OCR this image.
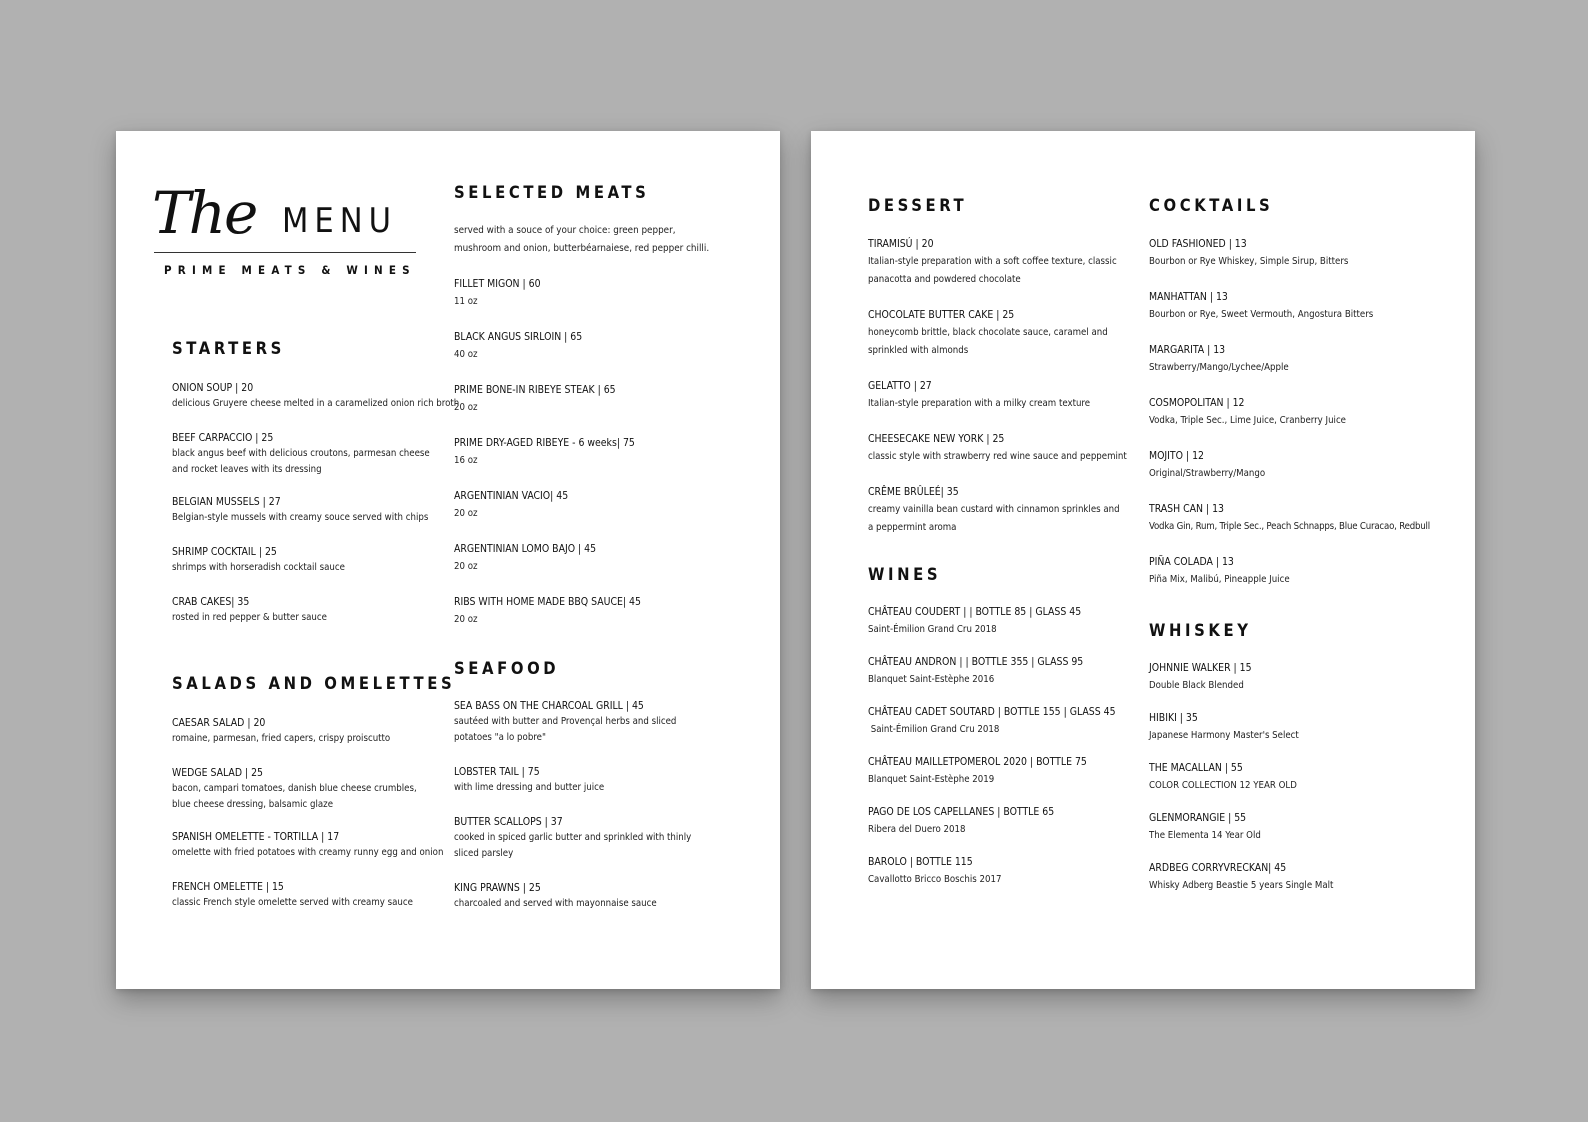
The MENU
PRIME MEATS & WINES
STARTERS
ONION SOUP | 20
delicious Gruyere cheese melted in a caramelized onion rich broth
BEEF CARPACCIO | 25
black angus beef with delicious croutons, parmesan cheese and rocket leaves with its dressing
BELGIAN MUSSELS | 27
Belgian-style mussels with creamy souce served with chips
SHRIMP COCKTAIL | 25
shrimps with horseradish cocktail sauce
CRAB CAKES| 35
rosted in red pepper & butter sauce
SALADS AND OMELETTES
CAESAR SALAD | 20
romaine, parmesan, fried capers, crispy proiscutto
WEDGE SALAD | 25
bacon, campari tomatoes, danish blue cheese crumbles, blue cheese dressing, balsamic glaze
SPANISH OMELETTE - TORTILLA | 17
omelette with fried potatoes with creamy runny egg and onion
FRENCH OMELETTE | 15
classic French style omelette served with creamy sauce
SELECTED MEATS
served with a souce of your choice: green pepper, mushroom and onion, butterbéarnaiese, red pepper chilli.
FILLET MIGON | 60
11 oz
BLACK ANGUS SIRLOIN | 65
40 oz
PRIME BONE-IN RIBEYE STEAK | 65
20 oz
PRIME DRY-AGED RIBEYE - 6 weeks| 75
16 oz
ARGENTINIAN VACIO| 45
20 oz
ARGENTINIAN LOMO BAJO | 45
20 oz
RIBS WITH HOME MADE BBQ SAUCE| 45
20 oz
SEAFOOD
SEA BASS ON THE CHARCOAL GRILL | 45
sautéed with butter and Provençal herbs and sliced potatoes "a lo pobre"
LOBSTER TAIL | 75
with lime dressing and butter juice
BUTTER SCALLOPS | 37
cooked in spiced garlic butter and sprinkled with thinly sliced parsley
KING PRAWNS | 25
charcoaled and served with mayonnaise sauce
DESSERT
TIRAMISÚ | 20
Italian-style preparation with a soft coffee texture, classic panacotta and powdered chocolate
CHOCOLATE BUTTER CAKE | 25
honeycomb brittle, black chocolate sauce, caramel and sprinkled with almonds
GELATTO | 27
Italian-style preparation with a milky cream texture
CHEESECAKE NEW YORK | 25
classic style with strawberry red wine sauce and peppemint
CRÊME BRÛLEÉ| 35
creamy vainilla bean custard with cinnamon sprinkles and a peppermint aroma
WINES
CHÂTEAU COUDERT | | BOTTLE 85 | GLASS 45
Saint-Émilion Grand Cru 2018
CHÂTEAU ANDRON | | BOTTLE 355 | GLASS 95
Blanquet Saint-Estèphe 2016
CHÂTEAU CADET SOUTARD | BOTTLE 155 | GLASS 45
Saint-Émilion Grand Cru 2018
CHÂTEAU MAILLETPOMEROL 2020 | BOTTLE 75
Blanquet Saint-Estèphe 2019
PAGO DE LOS CAPELLANES | BOTTLE 65
Ribera del Duero 2018
BAROLO | BOTTLE 115
Cavallotto Bricco Boschis 2017
COCKTAILS
OLD FASHIONED | 13
Bourbon or Rye Whiskey, Simple Sirup, Bitters
MANHATTAN | 13
Bourbon or Rye, Sweet Vermouth, Angostura Bitters
MARGARITA | 13
Strawberry/Mango/Lychee/Apple
COSMOPOLITAN | 12
Vodka, Triple Sec., Lime Juice, Cranberry Juice
MOJITO | 12
Original/Strawberry/Mango
TRASH CAN | 13
Vodka Gin, Rum, Triple Sec., Peach Schnapps, Blue Curacao, Redbull
PIÑA COLADA | 13
Piña Mix, Malibú, Pineapple Juice
WHISKEY
JOHNNIE WALKER | 15
Double Black Blended
HIBIKI | 35
Japanese Harmony Master's Select
THE MACALLAN | 55
COLOR COLLECTION 12 YEAR OLD
GLENMORANGIE | 55
The Elementa 14 Year Old
ARDBEG CORRYVRECKAN| 45
Whisky Adberg Beastie 5 years Single Malt
